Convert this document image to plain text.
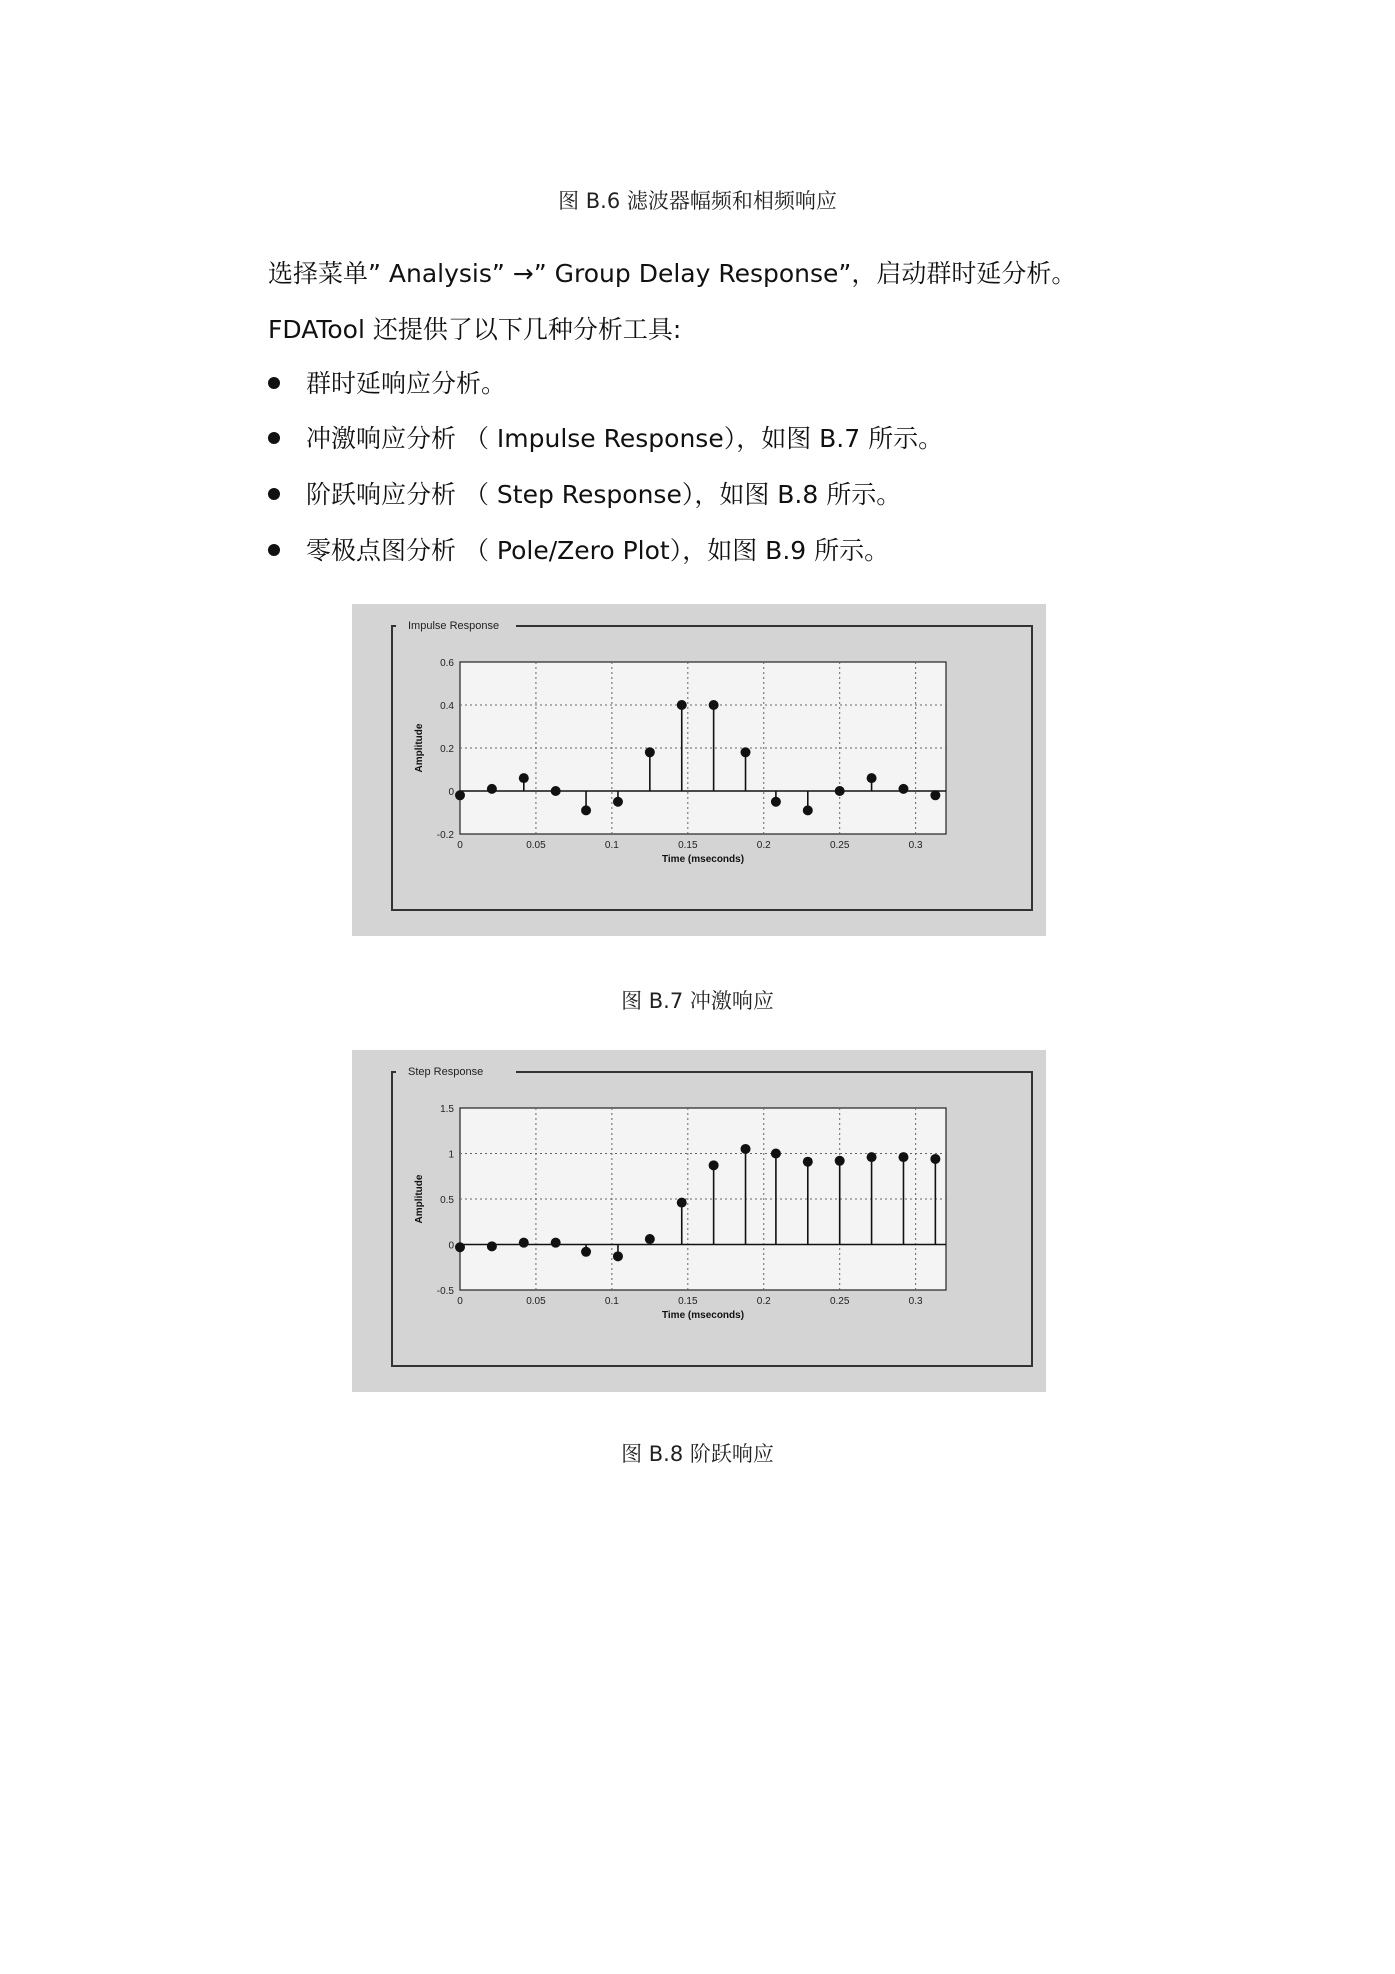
图 B.6 滤波器幅频和相频响应
选择菜单” Analysis” →” Group Delay Response”，启动群时延分析。
FDATool 还提供了以下几种分析工具:
群时延响应分析。
冲激响应分析 （ Impulse Response），如图 B.7 所示。
阶跃响应分析 （ Step Response），如图 B.8 所示。
零极点图分析 （ Pole/Zero Plot），如图 B.9 所示。
Impulse Response
0	0.05	0.1	0.15	0.2	0.25	0.3
0.6
0.4
0.2
0
-0.2
Time (mseconds)
Amplitude
图 B.7 冲激响应
Step Response
0	0.05	0.1	0.15	0.2	0.25	0.3
1.5
1
0.5
0
-0.5
Time (mseconds)
Amplitude
图 B.8 阶跃响应
